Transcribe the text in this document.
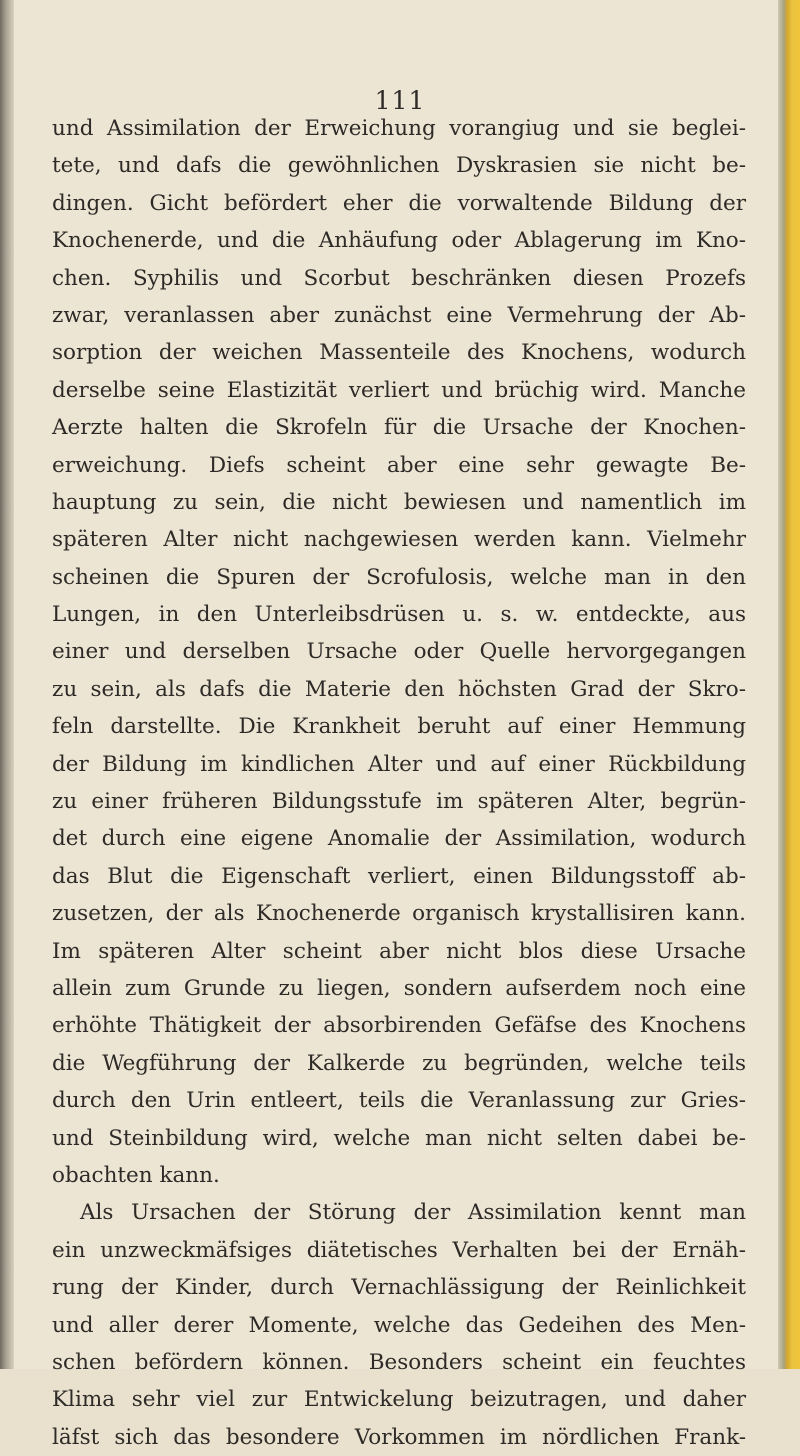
111
und Assimilation der Erweichung vorangiug und sie beglei-
tete, und dafs die gewöhnlichen Dyskrasien sie nicht be-
dingen. Gicht befördert eher die vorwaltende Bildung der
Knochenerde, und die Anhäufung oder Ablagerung im Kno-
chen. Syphilis und Scorbut beschränken diesen Prozefs
zwar, veranlassen aber zunächst eine Vermehrung der Ab-
sorption der weichen Massenteile des Knochens, wodurch
derselbe seine Elastizität verliert und brüchig wird. Manche
Aerzte halten die Skrofeln für die Ursache der Knochen-
erweichung. Diefs scheint aber eine sehr gewagte Be-
hauptung zu sein, die nicht bewiesen und namentlich im
späteren Alter nicht nachgewiesen werden kann. Vielmehr
scheinen die Spuren der Scrofulosis, welche man in den
Lungen, in den Unterleibsdrüsen u. s. w. entdeckte, aus
einer und derselben Ursache oder Quelle hervorgegangen
zu sein, als dafs die Materie den höchsten Grad der Skro-
feln darstellte. Die Krankheit beruht auf einer Hemmung
der Bildung im kindlichen Alter und auf einer Rückbildung
zu einer früheren Bildungsstufe im späteren Alter, begrün-
det durch eine eigene Anomalie der Assimilation, wodurch
das Blut die Eigenschaft verliert, einen Bildungsstoff ab-
zusetzen, der als Knochenerde organisch krystallisiren kann.
Im späteren Alter scheint aber nicht blos diese Ursache
allein zum Grunde zu liegen, sondern aufserdem noch eine
erhöhte Thätigkeit der absorbirenden Gefäfse des Knochens
die Wegführung der Kalkerde zu begründen, welche teils
durch den Urin entleert, teils die Veranlassung zur Gries-
und Steinbildung wird, welche man nicht selten dabei be-
obachten kann.
Als Ursachen der Störung der Assimilation kennt man
ein unzweckmäfsiges diätetisches Verhalten bei der Ernäh-
rung der Kinder, durch Vernachlässigung der Reinlichkeit
und aller derer Momente, welche das Gedeihen des Men-
schen befördern können. Besonders scheint ein feuchtes
Klima sehr viel zur Entwickelung beizutragen, und daher
läfst sich das besondere Vorkommen im nördlichen Frank-
